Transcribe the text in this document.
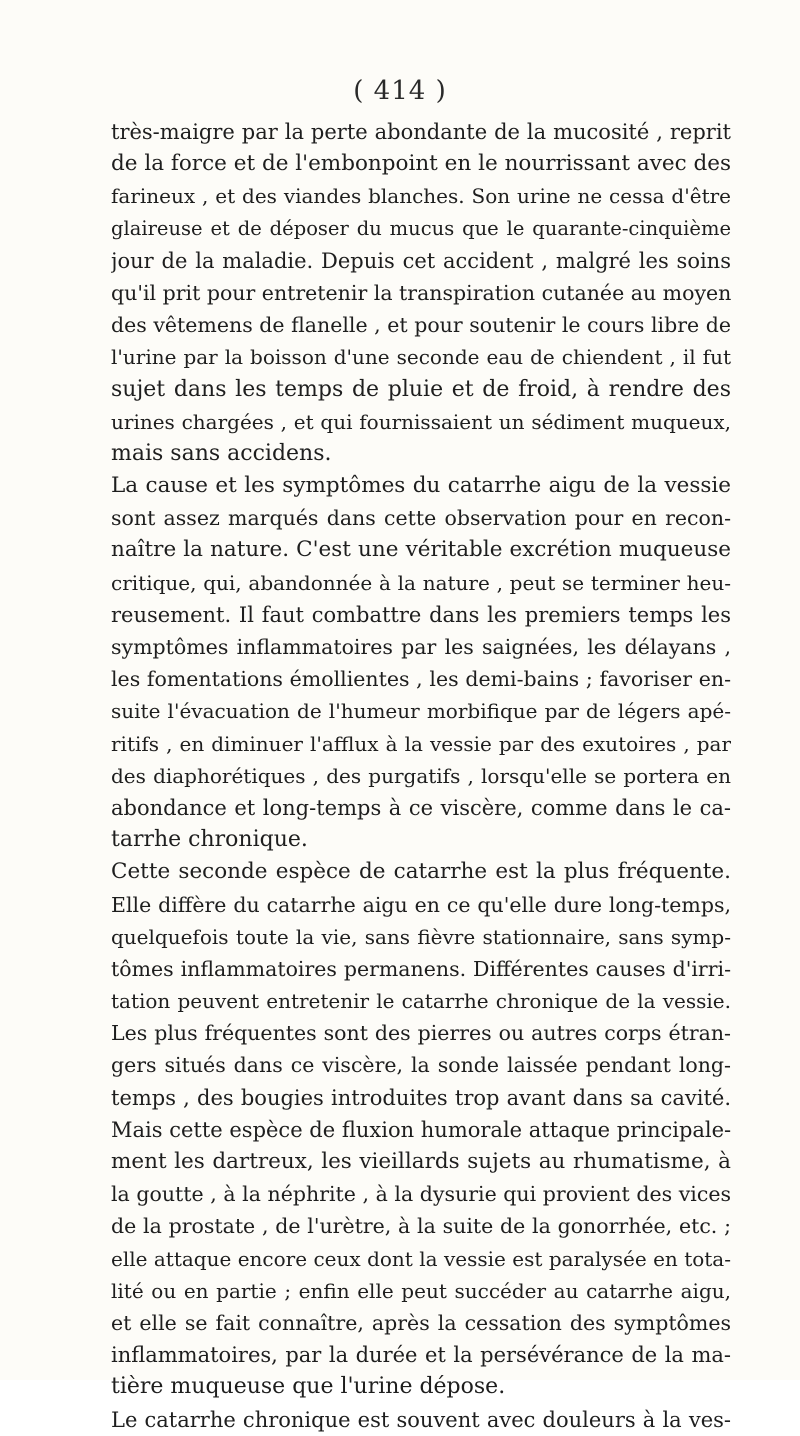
( 414 )
très-maigre par la perte abondante de la mucosité , reprit
de la force et de l'embonpoint en le nourrissant avec des
farineux , et des viandes blanches. Son urine ne cessa d'être
glaireuse et de déposer du mucus que le quarante-cinquième
jour de la maladie. Depuis cet accident , malgré les soins
qu'il prit pour entretenir la transpiration cutanée au moyen
des vêtemens de flanelle , et pour soutenir le cours libre de
l'urine par la boisson d'une seconde eau de chiendent , il fut
sujet dans les temps de pluie et de froid, à rendre des
urines chargées , et qui fournissaient un sédiment muqueux,
mais sans accidens.
La cause et les symptômes du catarrhe aigu de la vessie
sont assez marqués dans cette observation pour en recon-
naître la nature. C'est une véritable excrétion muqueuse
critique, qui, abandonnée à la nature , peut se terminer heu-
reusement. Il faut combattre dans les premiers temps les
symptômes inflammatoires par les saignées, les délayans ,
les fomentations émollientes , les demi-bains ; favoriser en-
suite l'évacuation de l'humeur morbifique par de légers apé-
ritifs , en diminuer l'afflux à la vessie par des exutoires , par
des diaphorétiques , des purgatifs , lorsqu'elle se portera en
abondance et long-temps à ce viscère, comme dans le ca-
tarrhe chronique.
Cette seconde espèce de catarrhe est la plus fréquente.
Elle diffère du catarrhe aigu en ce qu'elle dure long-temps,
quelquefois toute la vie, sans fièvre stationnaire, sans symp-
tômes inflammatoires permanens. Différentes causes d'irri-
tation peuvent entretenir le catarrhe chronique de la vessie.
Les plus fréquentes sont des pierres ou autres corps étran-
gers situés dans ce viscère, la sonde laissée pendant long-
temps , des bougies introduites trop avant dans sa cavité.
Mais cette espèce de fluxion humorale attaque principale-
ment les dartreux, les vieillards sujets au rhumatisme, à
la goutte , à la néphrite , à la dysurie qui provient des vices
de la prostate , de l'urètre, à la suite de la gonorrhée, etc. ;
elle attaque encore ceux dont la vessie est paralysée en tota-
lité ou en partie ; enfin elle peut succéder au catarrhe aigu,
et elle se fait connaître, après la cessation des symptômes
inflammatoires, par la durée et la persévérance de la ma-
tière muqueuse que l'urine dépose.
Le catarrhe chronique est souvent avec douleurs à la ves-
